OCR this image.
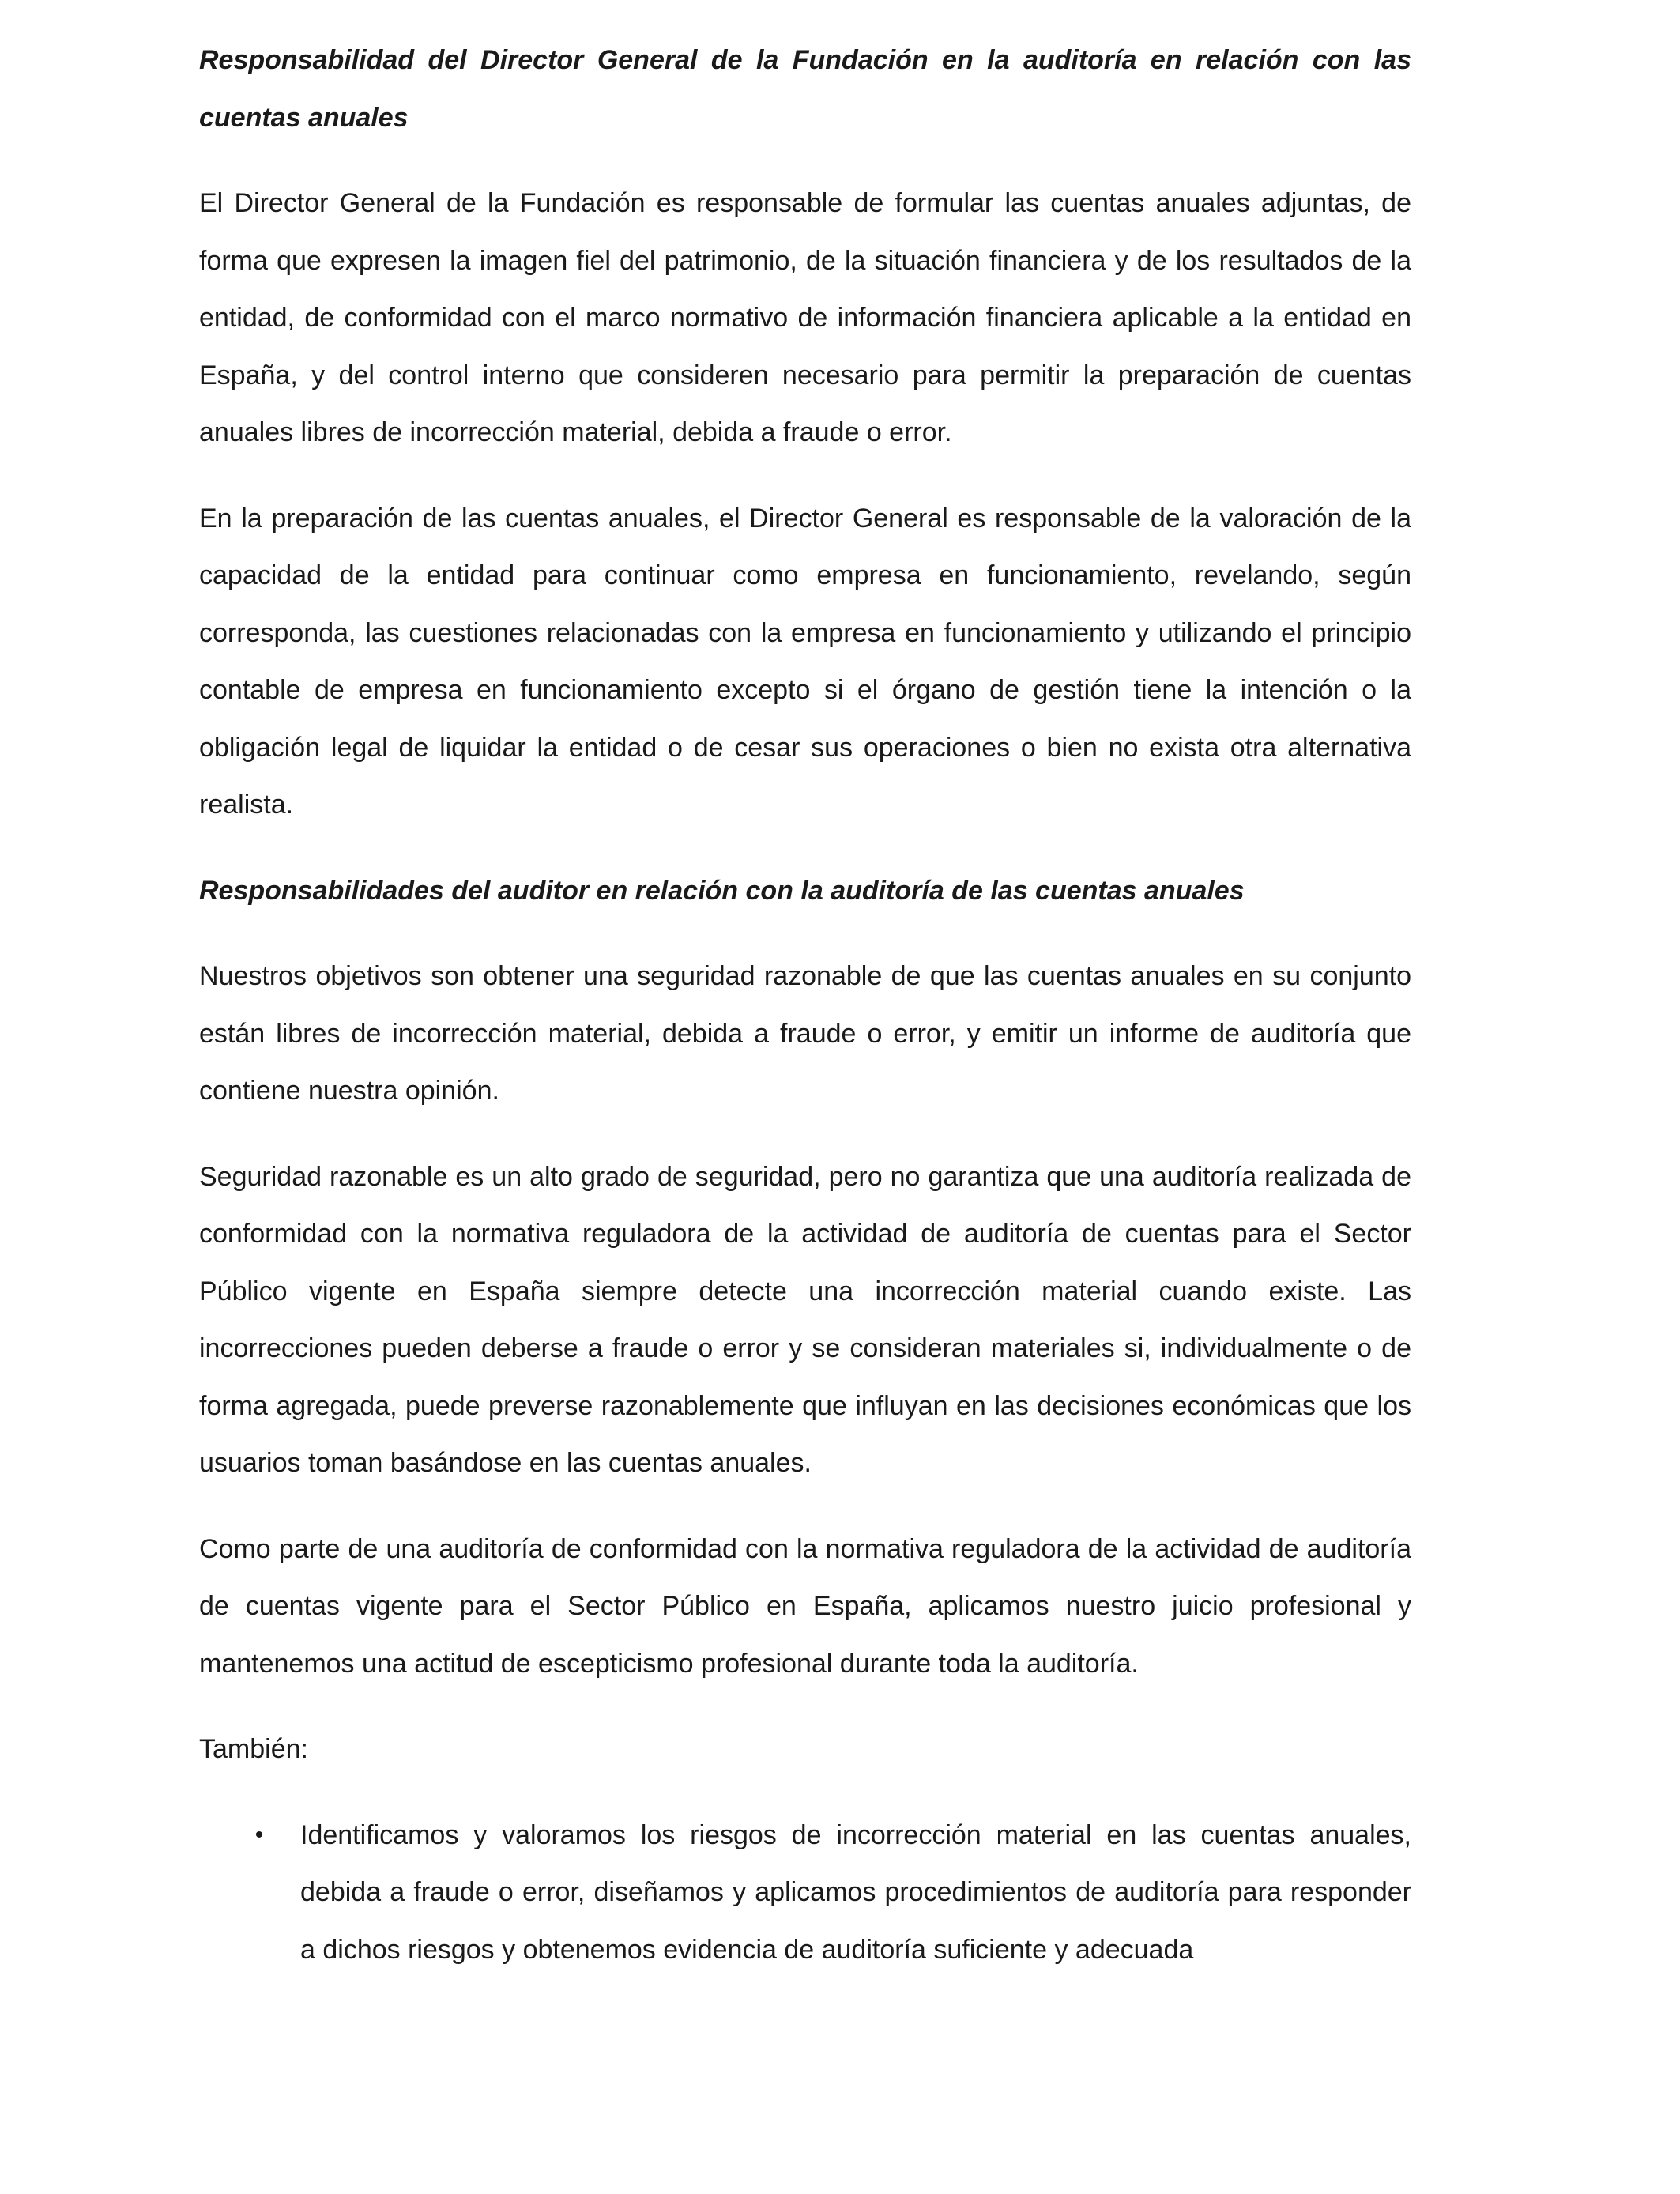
Responsabilidad del Director General de la Fundación en la auditoría en relación con las cuentas anuales

El Director General de la Fundación es responsable de formular las cuentas anuales adjuntas, de forma que expresen la imagen fiel del patrimonio, de la situación financiera y de los resultados de la entidad, de conformidad con el marco normativo de información financiera aplicable a la entidad en España, y del control interno que consideren necesario para permitir la preparación de cuentas anuales libres de incorrección material, debida a fraude o error.

En la preparación de las cuentas anuales, el Director General es responsable de la valoración de la capacidad de la entidad para continuar como empresa en funcionamiento, revelando, según corresponda, las cuestiones relacionadas con la empresa en funcionamiento y utilizando el principio contable de empresa en funcionamiento excepto si el órgano de gestión tiene la intención o la obligación legal de liquidar la entidad o de cesar sus operaciones o bien no exista otra alternativa realista.

Responsabilidades del auditor en relación con la auditoría de las cuentas anuales

Nuestros objetivos son obtener una seguridad razonable de que las cuentas anuales en su conjunto están libres de incorrección material, debida a fraude o error, y emitir un informe de auditoría que contiene nuestra opinión.

Seguridad razonable es un alto grado de seguridad, pero no garantiza que una auditoría realizada de conformidad con la normativa reguladora de la actividad de auditoría de cuentas para el Sector Público vigente en España siempre detecte una incorrección material cuando existe. Las incorrecciones pueden deberse a fraude o error y se consideran materiales si, individualmente o de forma agregada, puede preverse razonablemente que influyan en las decisiones económicas que los usuarios toman basándose en las cuentas anuales.

Como parte de una auditoría de conformidad con la normativa reguladora de la actividad de auditoría de cuentas vigente para el Sector Público en España, aplicamos nuestro juicio profesional y mantenemos una actitud de escepticismo profesional durante toda la auditoría.

También:

• Identificamos y valoramos los riesgos de incorrección material en las cuentas anuales, debida a fraude o error, diseñamos y aplicamos procedimientos de auditoría para responder a dichos riesgos y obtenemos evidencia de auditoría suficiente y adecuada
